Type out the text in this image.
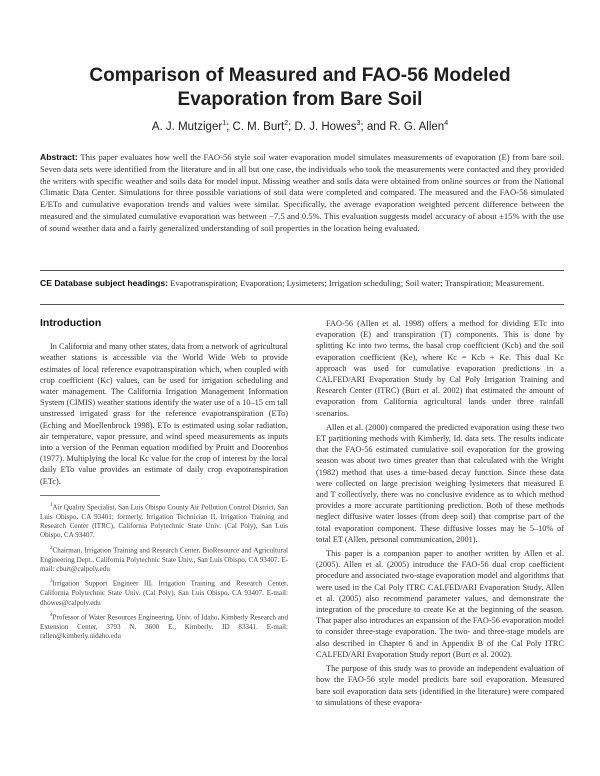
Comparison of Measured and FAO-56 Modeled Evaporation from Bare Soil
A. J. Mutziger$^1$; C. M. Burt$^2$; D. J. Howes$^3$; and R. G. Allen$^4$
Abstract: This paper evaluates how well the FAO-56 style soil water evaporation model simulates measurements of evaporation (E) from bare soil. Seven data sets were identified from the literature and in all but one case, the individuals who took the measurements were contacted and they provided the writers with specific weather and soils data for model input. Missing weather and soils data were obtained from online sources or from the National Climatic Data Center. Simulations for three possible variations of soil data were completed and compared. The measured and the FAO-56 simulated E/ETo and cumulative evaporation trends and values were similar. Specifically, the average evaporation weighted percent difference between the measured and the simulated cumulative evaporation was between −7.5 and 0.5%. This evaluation suggests model accuracy of about ±15% with the use of sound weather data and a fairly generalized understanding of soil properties in the location being evaluated.
CE Database subject headings: Evapotranspiration; Evaporation; Lysimeters; Irrigation scheduling; Soil water; Transpiration; Measurement.
Introduction

In California and many other states, data from a network of agricultural weather stations is accessible via the World Wide Web to provide estimates of local reference evapotranspiration which, when coupled with crop coefficient (Kc) values, can be used for irrigation scheduling and water management. The California Irrigation Management Information System (CIMIS) weather stations identify the water use of a 10–15 cm tall unstressed irrigated grass for the reference evapotranspiration (ETo) (Eching and Moellenbrock 1998). ETo is estimated using solar radiation, air temperature, vapor pressure, and wind speed measurements as inputs into a version of the Penman equation modified by Pruitt and Doorenbos (1977). Multiplying the local Kc value for the crop of interest by the local daily ETo value provides an estimate of daily crop evapotranspiration (ETc).

$^1$Air Quality Specialist, San Luis Obispo County Air Pollution Control District, San Luis Obispo, CA 93401; formerly, Irrigation Technician II, Irrigation Training and Research Center (ITRC), California Polytechnic State Univ. (Cal Poly), San Luis Obispo, CA 93407.

$^2$Chairman, Irrigation Training and Research Center, BioResource and Agricultural Engineering Dept., California Polytechnic State Univ., San Luis Obispo, CA 93407. E-mail: cburt@calpoly.edu

$^3$Irrigation Support Engineer III, Irrigation Training and Research Center, California Polytechnic State Univ. (Cal Poly), San Luis Obispo, CA 93407. E-mail: dhowes@calpoly.edu

$^4$Professor of Water Resources Engineering, Univ. of Idaho, Kimberly Research and Extension Center, 3793 N. 3600 E., Kimberly, ID 83341. E-mail: rallen@kimberly.uidaho.edu

FAO-56 (Allen et al. 1998) offers a method for dividing ETc into evaporation (E) and transpiration (T) components. This is done by splitting Kc into two terms, the basal crop coefficient (Kcb) and the soil evaporation coefficient (Ke), where Kc = Kcb + Ke. This dual Kc approach was used for cumulative evaporation predictions in a CALFED/ARI Evaporation Study by Cal Poly Irrigation Training and Research Center (ITRC) (Burt et al. 2002) that estimated the amount of evaporation from California agricultural lands under three rainfall scenarios.

Allen et al. (2000) compared the predicted evaporation using these two ET partitioning methods with Kimberly, Id. data sets. The results indicate that the FAO-56 estimated cumulative soil evaporation for the growing season was about two times greater than that calculated with the Wright (1982) method that uses a time-based decay function. Since these data were collected on large precision weighing lysimeters that measured E and T collectively, there was no conclusive evidence as to which method provides a more accurate partitioning prediction. Both of these methods neglect diffusive water losses (from deep soil) that comprise part of the total evaporation component. These diffusive losses may be 5–10% of total ET (Allen, personal communication, 2001).

This paper is a companion paper to another written by Allen et al. (2005). Allen et al. (2005) introduce the FAO-56 dual crop coefficient procedure and associated two-stage evaporation model and algorithms that were used in the Cal Poly ITRC CALFED/ARI Evaporation Study. Allen et al. (2005) also recommend parameter values, and demonstrate the integration of the procedure to create Ke at the beginning of the season. That paper also introduces an expansion of the FAO-56 evaporation model to consider three-stage evaporation. The two- and three-stage models are also described in Chapter 6 and in Appendix B of the Cal Poly ITRC CALFED/ARI Evaporation Study report (Burt et al. 2002).

The purpose of this study was to provide an independent evaluation of how the FAO-56 style model predicts bare soil evaporation. Measured bare soil evaporation data sets (identified in the literature) were compared to simulations of these evapora-
